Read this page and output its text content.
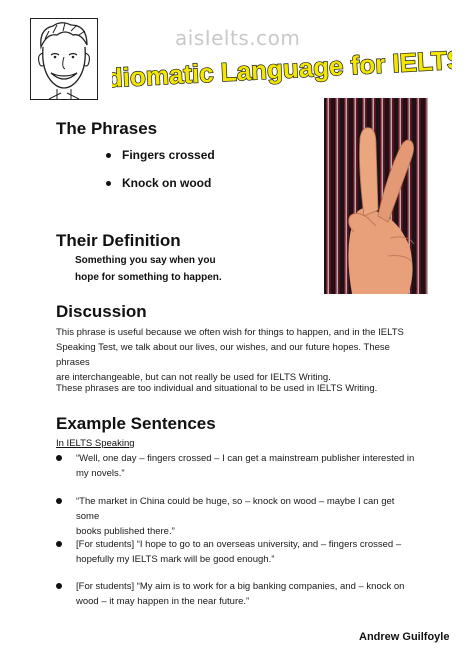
aisIelts.com
Idiomatic Language for IELTS
The Phrases
Fingers crossed
Knock on wood
Their Definition
Something you say when you
hope for something to happen.
Discussion
This phrase is useful because we often wish for things to happen, and in the IELTS
Speaking Test, we talk about our lives, our wishes, and our future hopes. These phrases
are interchangeable, but can not really be used for IELTS Writing.
These phrases are too individual and situational to be used in IELTS Writing.
Example Sentences
In IELTS Speaking
“Well, one day – fingers crossed – I can get a mainstream publisher interested in
my novels.”
“The market in China could be huge, so – knock on wood – maybe I can get some
books published there.”
[For students] “I hope to go to an overseas university, and – fingers crossed –
hopefully my IELTS mark will be good enough.”
[For students] “My aim is to work for a big banking companies, and – knock on
wood – it may happen in the near future.”
Andrew Guilfoyle
